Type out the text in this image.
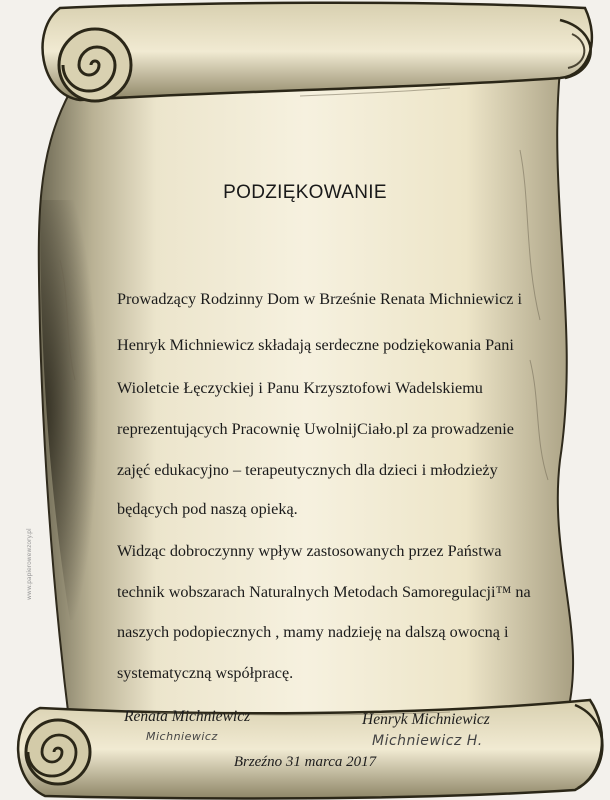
PODZIĘKOWANIE
Prowadzący Rodzinny Dom w Brześnie Renata Michniewicz i
Henryk Michniewicz składają serdeczne podziękowania Pani
Wioletcie Łęczyckiej i Panu Krzysztofowi Wadelskiemu
reprezentujących Pracownię UwolnijCiało.pl za prowadzenie
zajęć edukacyjno – terapeutycznych dla dzieci i młodzieży
będących pod naszą opieką.
Widząc dobroczynny wpływ zastosowanych przez Państwa
technik wobszarach Naturalnych Metodach Samoregulacji™ na
naszych podopiecznych , mamy nadzieję na dalszą owocną i
systematyczną współpracę.
Renata Michniewicz
Michniewicz
Henryk Michniewicz
Michniewicz H.
Brzeźno 31 marca 2017
www.papierowewzory.pl
